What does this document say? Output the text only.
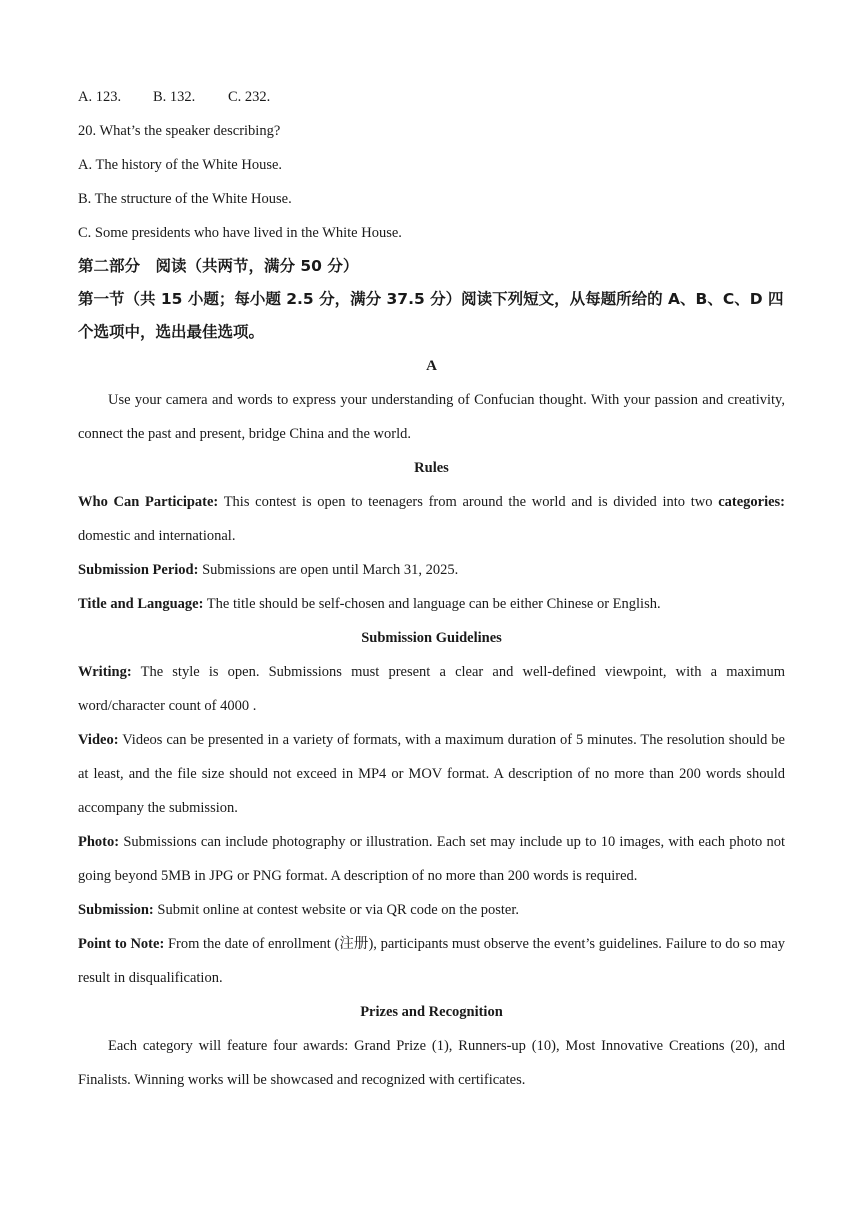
A. 123. B. 132. C. 232.

20. What’s the speaker describing?

A. The history of the White House.

B. The structure of the White House.

C. Some presidents who have lived in the White House.

第二部分　阅读（共两节，满分 50 分）

第一节（共 15 小题；每小题 2.5 分，满分 37.5 分）阅读下列短文，从每题所给的 A、B、C、D 四个选项中，选出最佳选项。

A

Use your camera and words to express your understanding of Confucian thought. With your passion and creativity, connect the past and present, bridge China and the world.

Rules

Who Can Participate: This contest is open to teenagers from around the world and is divided into two categories: domestic and international.

Submission Period: Submissions are open until March 31, 2025.

Title and Language: The title should be self-chosen and language can be either Chinese or English.

Submission Guidelines

Writing: The style is open. Submissions must present a clear and well-defined viewpoint, with a maximum word/character count of 4000 .

Video: Videos can be presented in a variety of formats, with a maximum duration of 5 minutes. The resolution should be at least, and the file size should not exceed in MP4 or MOV format. A description of no more than 200 words should accompany the submission.

Photo: Submissions can include photography or illustration. Each set may include up to 10 images, with each photo not going beyond 5MB in JPG or PNG format. A description of no more than 200 words is required.

Submission: Submit online at contest website or via QR code on the poster.

Point to Note: From the date of enrollment (注册), participants must observe the event’s guidelines. Failure to do so may result in disqualification.

Prizes and Recognition

Each category will feature four awards: Grand Prize (1), Runners-up (10), Most Innovative Creations (20), and Finalists. Winning works will be showcased and recognized with certificates.
